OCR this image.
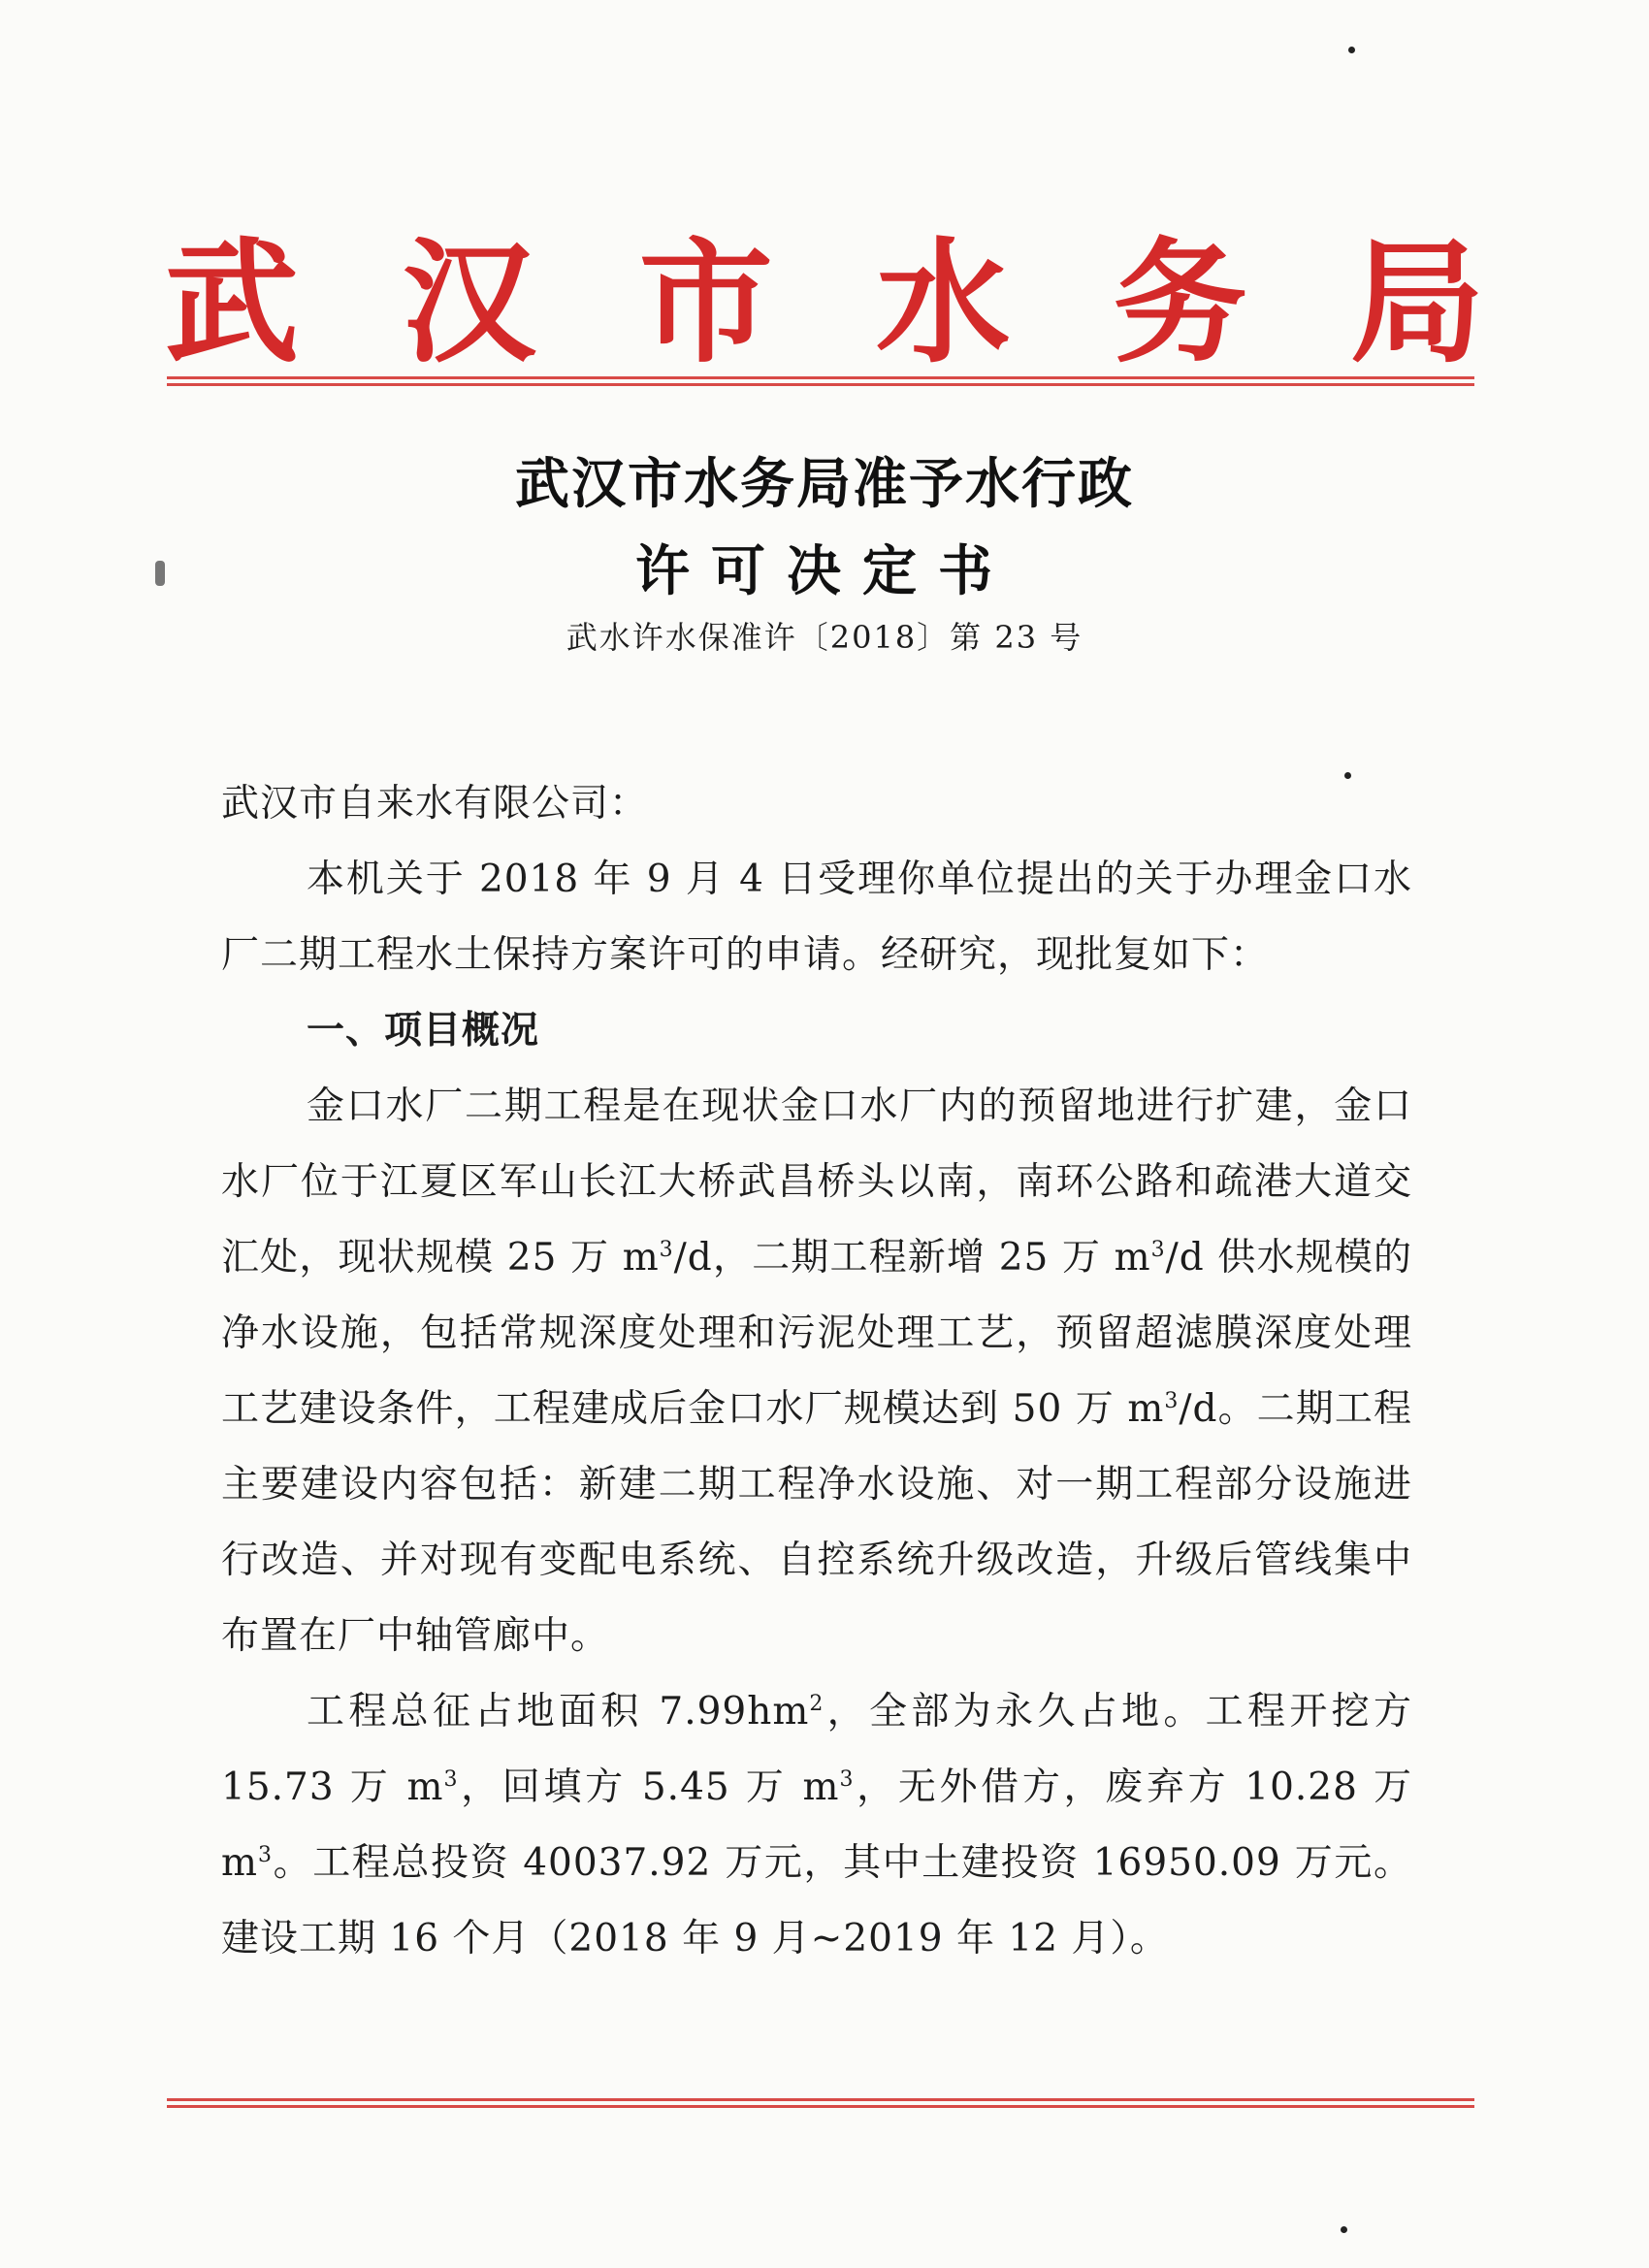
武 汉 市 水 务 局
武汉市水务局准予水行政
许可决定书
武水许水保准许〔2018〕第 23 号
武汉市自来水有限公司：
本机关于 2018 年 9 月 4 日受理你单位提出的关于办理金口水厂二期工程水土保持方案许可的申请。经研究，现批复如下：
一、项目概况
金口水厂二期工程是在现状金口水厂内的预留地进行扩建，金口水厂位于江夏区军山长江大桥武昌桥头以南，南环公路和疏港大道交汇处，现状规模 25 万 $m^3/d$，二期工程新增 25 万 $m^3/d$ 供水规模的净水设施，包括常规深度处理和污泥处理工艺，预留超滤膜深度处理工艺建设条件，工程建成后金口水厂规模达到 50 万 $m^3/d$。二期工程主要建设内容包括：新建二期工程净水设施、对一期工程部分设施进行改造、并对现有变配电系统、自控系统升级改造，升级后管线集中布置在厂中轴管廊中。
工程总征占地面积 $7.99hm^2$，全部为永久占地。工程开挖方 15.73 万 $m^3$，回填方 5.45 万 $m^3$，无外借方，废弃方 10.28 万 $m^3$。工程总投资 40037.92 万元，其中土建投资 16950.09 万元。建设工期 16 个月（2018 年 9 月~2019 年 12 月）。
